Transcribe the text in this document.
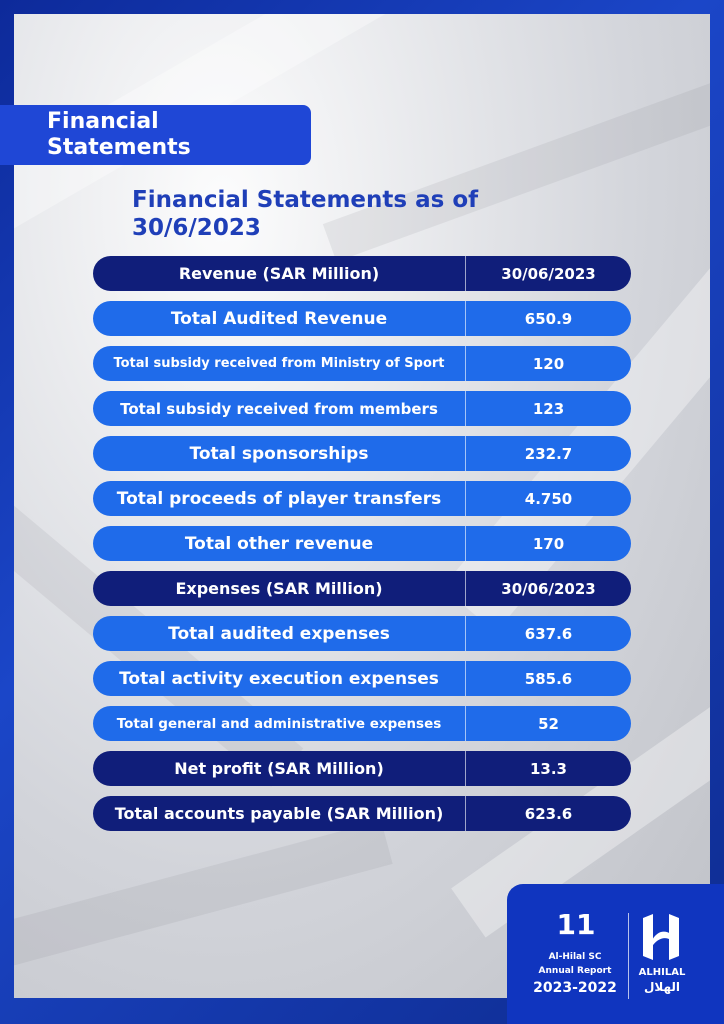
Financial
Statements
Financial Statements as of 30/6/2023
Revenue (SAR Million)	30/06/2023
Total Audited Revenue	650.9
Total subsidy received from Ministry of Sport	120
Total subsidy received from members	123
Total sponsorships	232.7
Total proceeds of player transfers	4.750
Total other revenue	170
Expenses (SAR Million)	30/06/2023
Total audited expenses	637.6
Total activity execution expenses	585.6
Total general and administrative expenses	52
Net profit (SAR Million)	13.3
Total accounts payable (SAR Million)	623.6
11
Al-Hilal SC
Annual Report
2023-2022
ALHILAL
الهلال
